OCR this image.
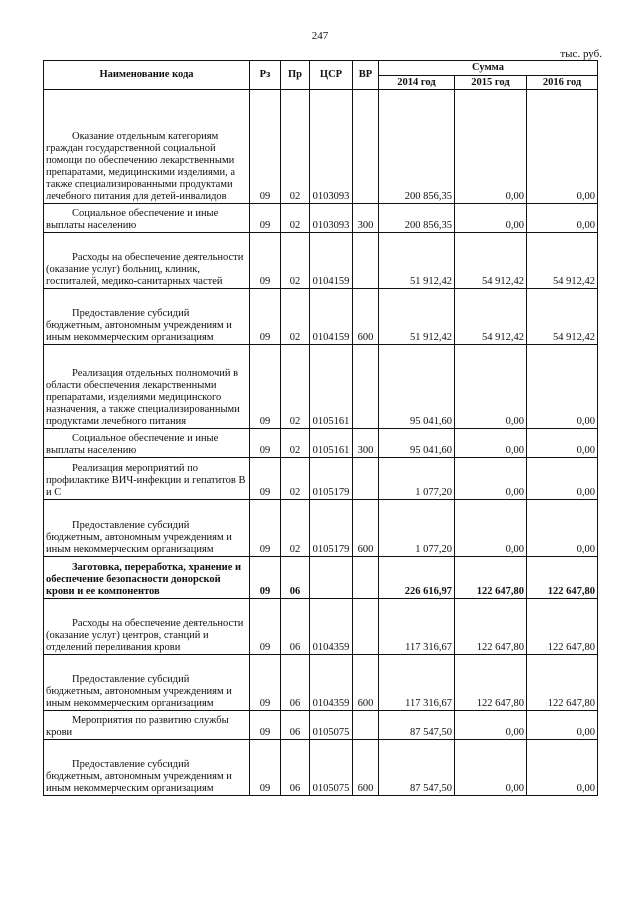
247
тыс. руб.
Наименование кода	Рз	Пр	ЦСР	ВР	Сумма		
					2014 год	2015 год	2016 год
Оказание отдельным категориям граждан государственной социальной помощи по обеспечению лекарственными препаратами, медицинскими изделиями, а также специализированными продуктами лечебного питания для детей-инвалидов	09	02	0103093		200 856,35	0,00	0,00
Социальное обеспечение и иные выплаты населению	09	02	0103093	300	200 856,35	0,00	0,00
Расходы на обеспечение деятельности (оказание услуг) больниц, клиник, госпиталей, медико-санитарных частей	09	02	0104159		51 912,42	54 912,42	54 912,42
Предоставление субсидий бюджетным, автономным учреждениям и иным некоммерческим организациям	09	02	0104159	600	51 912,42	54 912,42	54 912,42
Реализация отдельных полномочий в области обеспечения лекарственными препаратами, изделиями медицинского назначения, а также специализированными продуктами лечебного питания	09	02	0105161		95 041,60	0,00	0,00
Социальное обеспечение и иные выплаты населению	09	02	0105161	300	95 041,60	0,00	0,00
Реализация мероприятий по профилактике ВИЧ-инфекции и гепатитов В и С	09	02	0105179		1 077,20	0,00	0,00
Предоставление субсидий бюджетным, автономным учреждениям и иным некоммерческим организациям	09	02	0105179	600	1 077,20	0,00	0,00
Заготовка, переработка, хранение и обеспечение безопасности донорской крови и ее компонентов	09	06			226 616,97	122 647,80	122 647,80
Расходы на обеспечение деятельности (оказание услуг) центров, станций и отделений переливания крови	09	06	0104359		117 316,67	122 647,80	122 647,80
Предоставление субсидий бюджетным, автономным учреждениям и иным некоммерческим организациям	09	06	0104359	600	117 316,67	122 647,80	122 647,80
Мероприятия по развитию службы крови	09	06	0105075		87 547,50	0,00	0,00
Предоставление субсидий бюджетным, автономным учреждениям и иным некоммерческим организациям	09	06	0105075	600	87 547,50	0,00	0,00
